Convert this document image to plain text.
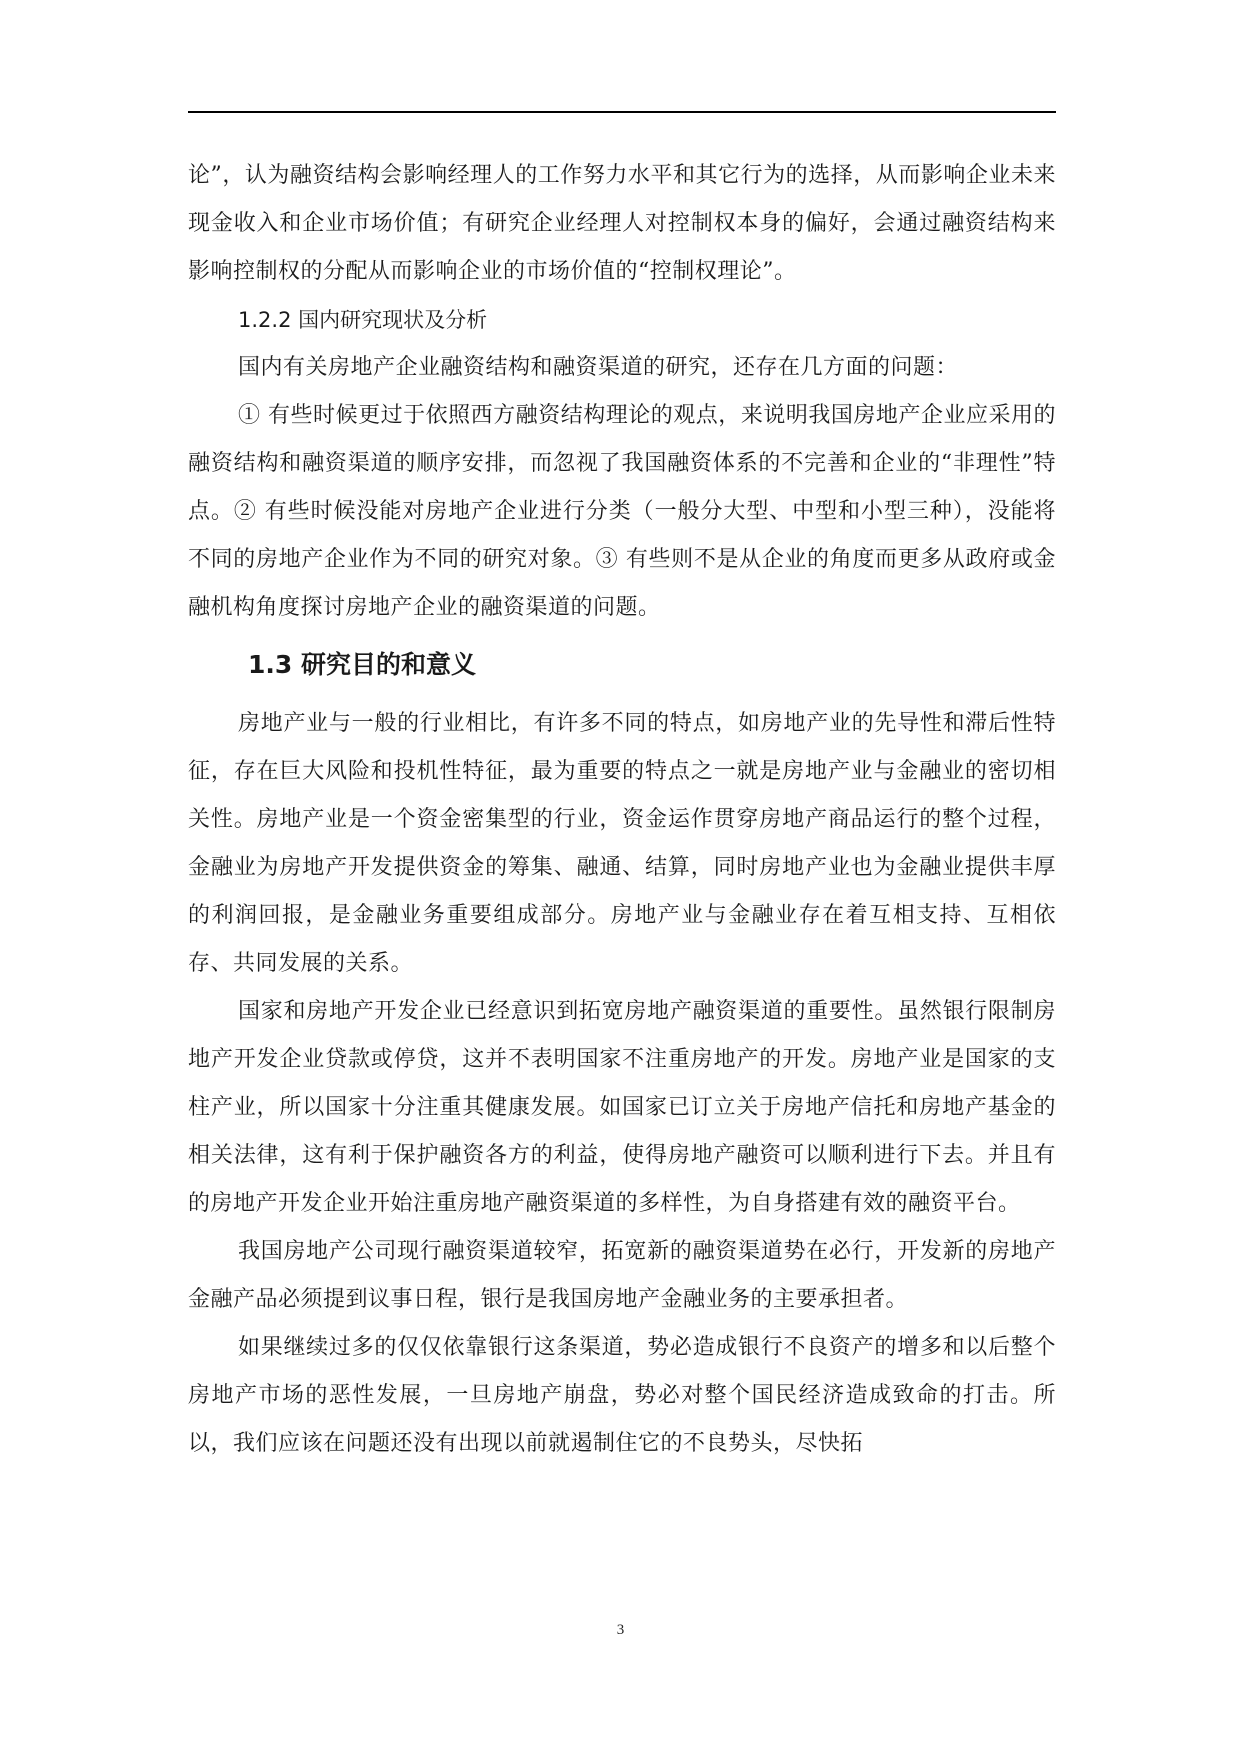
论”，认为融资结构会影响经理人的工作努力水平和其它行为的选择，从而影响企业未来现金收入和企业市场价值；有研究企业经理人对控制权本身的偏好，会通过融资结构来影响控制权的分配从而影响企业的市场价值的“控制权理论”。

1.2.2 国内研究现状及分析

国内有关房地产企业融资结构和融资渠道的研究，还存在几方面的问题：

① 有些时候更过于依照西方融资结构理论的观点，来说明我国房地产企业应采用的融资结构和融资渠道的顺序安排，而忽视了我国融资体系的不完善和企业的“非理性”特点。② 有些时候没能对房地产企业进行分类（一般分大型、中型和小型三种），没能将不同的房地产企业作为不同的研究对象。③ 有些则不是从企业的角度而更多从政府或金融机构角度探讨房地产企业的融资渠道的问题。

1.3 研究目的和意义

房地产业与一般的行业相比，有许多不同的特点，如房地产业的先导性和滞后性特征，存在巨大风险和投机性特征，最为重要的特点之一就是房地产业与金融业的密切相关性。房地产业是一个资金密集型的行业，资金运作贯穿房地产商品运行的整个过程，金融业为房地产开发提供资金的筹集、融通、结算，同时房地产业也为金融业提供丰厚的利润回报，是金融业务重要组成部分。房地产业与金融业存在着互相支持、互相依存、共同发展的关系。

国家和房地产开发企业已经意识到拓宽房地产融资渠道的重要性。虽然银行限制房地产开发企业贷款或停贷，这并不表明国家不注重房地产的开发。房地产业是国家的支柱产业，所以国家十分注重其健康发展。如国家已订立关于房地产信托和房地产基金的相关法律，这有利于保护融资各方的利益，使得房地产融资可以顺利进行下去。并且有的房地产开发企业开始注重房地产融资渠道的多样性，为自身搭建有效的融资平台。

我国房地产公司现行融资渠道较窄，拓宽新的融资渠道势在必行，开发新的房地产金融产品必须提到议事日程，银行是我国房地产金融业务的主要承担者。

如果继续过多的仅仅依靠银行这条渠道，势必造成银行不良资产的增多和以后整个房地产市场的恶性发展，一旦房地产崩盘，势必对整个国民经济造成致命的打击。所以，我们应该在问题还没有出现以前就遏制住它的不良势头，尽快拓

3
